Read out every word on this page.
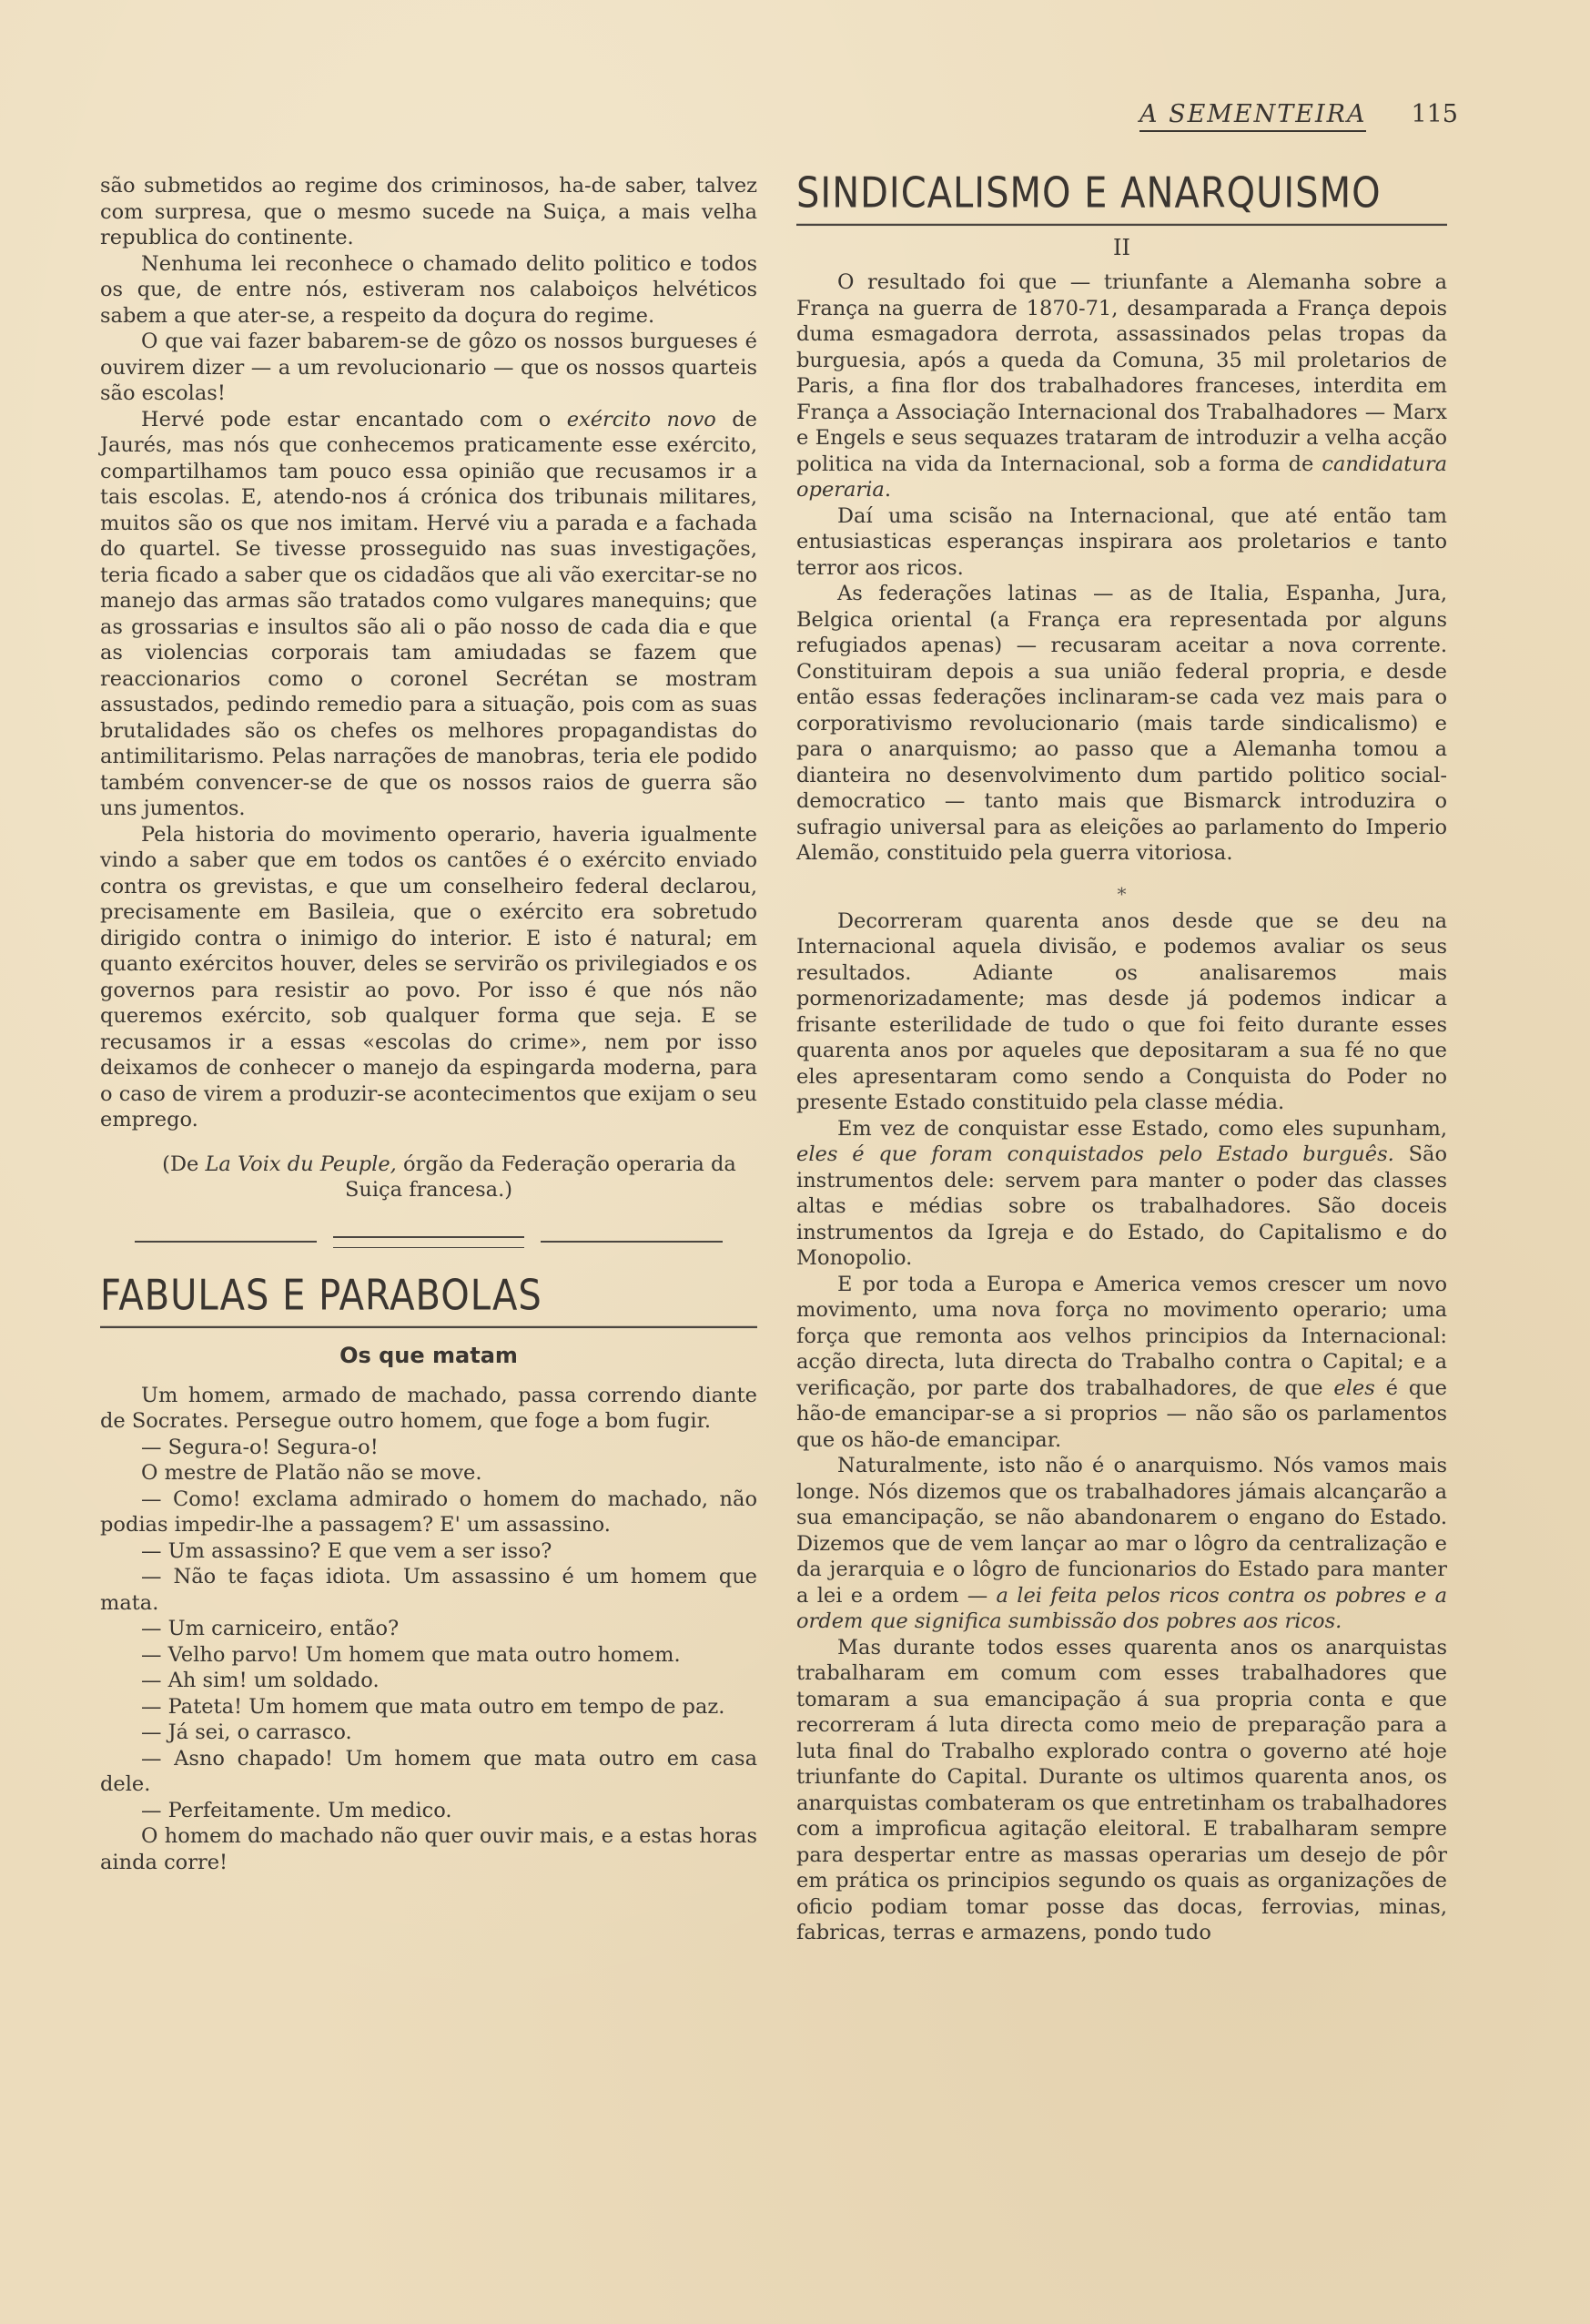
A SEMENTEIRA 115

são submetidos ao regime dos criminosos, ha-de saber, talvez com surpresa, que o mesmo sucede na Suiça, a mais velha republica do continente.

Nenhuma lei reconhece o chamado delito politico e todos os que, de entre nós, estiveram nos calaboiços helvéticos sabem a que ater-se, a respeito da doçura do regime.

O que vai fazer babarem-se de gôzo os nossos burgueses é ouvirem dizer — a um revolucionario — que os nossos quarteis são escolas!

Hervé pode estar encantado com o exército novo de Jaurés, mas nós que conhecemos praticamente esse exército, compartilhamos tam pouco essa opinião que recusamos ir a tais escolas. E, atendo-nos á crónica dos tribunais militares, muitos são os que nos imitam. Hervé viu a parada e a fachada do quartel. Se tivesse prosseguido nas suas investigações, teria ficado a saber que os cidadãos que ali vão exercitar-se no manejo das armas são tratados como vulgares manequins; que as grossarias e insultos são ali o pão nosso de cada dia e que as violencias corporais tam amiudadas se fazem que reaccionarios como o coronel Secrétan se mostram assustados, pedindo remedio para a situação, pois com as suas brutalidades são os chefes os melhores propagandistas do antimilitarismo. Pelas narrações de manobras, teria ele podido também convencer-se de que os nossos raios de guerra são uns jumentos.

Pela historia do movimento operario, haveria igualmente vindo a saber que em todos os cantões é o exército enviado contra os grevistas, e que um conselheiro federal declarou, precisamente em Basileia, que o exército era sobretudo dirigido contra o inimigo do interior. E isto é natural; em quanto exércitos houver, deles se servirão os privilegiados e os governos para resistir ao povo. Por isso é que nós não queremos exército, sob qualquer forma que seja. E se recusamos ir a essas «escolas do crime», nem por isso deixamos de conhecer o manejo da espingarda moderna, para o caso de virem a produzir-se acontecimentos que exijam o seu emprego.

(De La Voix du Peuple, órgão da Federação operaria da Suiça francesa.)

FABULAS E PARABOLAS
Os que matam

Um homem, armado de machado, passa correndo diante de Socrates. Persegue outro homem, que foge a bom fugir.

— Segura-o! Segura-o!

O mestre de Platão não se move.

— Como! exclama admirado o homem do machado, não podias impedir-lhe a passagem? E' um assassino.

— Um assassino? E que vem a ser isso?

— Não te faças idiota. Um assassino é um homem que mata.

— Um carniceiro, então?

— Velho parvo! Um homem que mata outro homem.

— Ah sim! um soldado.

— Pateta! Um homem que mata outro em tempo de paz.

— Já sei, o carrasco.

— Asno chapado! Um homem que mata outro em casa dele.

— Perfeitamente. Um medico.

O homem do machado não quer ouvir mais, e a estas horas ainda corre!

SINDICALISMO E ANARQUISMO
II

O resultado foi que — triunfante a Alemanha sobre a França na guerra de 1870-71, desamparada a França depois duma esmagadora derrota, assassinados pelas tropas da burguesia, após a queda da Comuna, 35 mil proletarios de Paris, a fina flor dos trabalhadores franceses, interdita em França a Associação Internacional dos Trabalhadores — Marx e Engels e seus sequazes trataram de introduzir a velha acção politica na vida da Internacional, sob a forma de candidatura operaria.

Daí uma scisão na Internacional, que até então tam entusiasticas esperanças inspirara aos proletarios e tanto terror aos ricos.

As federações latinas — as de Italia, Espanha, Jura, Belgica oriental (a França era representada por alguns refugiados apenas) — recusaram aceitar a nova corrente. Constituiram depois a sua união federal propria, e desde então essas federações inclinaram-se cada vez mais para o corporativismo revolucionario (mais tarde sindicalismo) e para o anarquismo; ao passo que a Alemanha tomou a dianteira no desenvolvimento dum partido politico social-democratico — tanto mais que Bismarck introduzira o sufragio universal para as eleições ao parlamento do Imperio Alemão, constituido pela guerra vitoriosa.

*

Decorreram quarenta anos desde que se deu na Internacional aquela divisão, e podemos avaliar os seus resultados. Adiante os analisaremos mais pormenorizadamente; mas desde já podemos indicar a frisante esterilidade de tudo o que foi feito durante esses quarenta anos por aqueles que depositaram a sua fé no que eles apresentaram como sendo a Conquista do Poder no presente Estado constituido pela classe média.

Em vez de conquistar esse Estado, como eles supunham, eles é que foram conquistados pelo Estado burguês. São instrumentos dele: servem para manter o poder das classes altas e médias sobre os trabalhadores. São doceis instrumentos da Igreja e do Estado, do Capitalismo e do Monopolio.

E por toda a Europa e America vemos crescer um novo movimento, uma nova força no movimento operario; uma força que remonta aos velhos principios da Internacional: acção directa, luta directa do Trabalho contra o Capital; e a verificação, por parte dos trabalhadores, de que eles é que hão-de emancipar-se a si proprios — não são os parlamentos que os hão-de emancipar.

Naturalmente, isto não é o anarquismo. Nós vamos mais longe. Nós dizemos que os trabalhadores jámais alcançarão a sua emancipação, se não abandonarem o engano do Estado. Dizemos que de vem lançar ao mar o lôgro da centralização e da jerarquia e o lôgro de funcionarios do Estado para manter a lei e a ordem — a lei feita pelos ricos contra os pobres e a ordem que significa sumbissão dos pobres aos ricos.

Mas durante todos esses quarenta anos os anarquistas trabalharam em comum com esses trabalhadores que tomaram a sua emancipação á sua propria conta e que recorreram á luta directa como meio de preparação para a luta final do Trabalho explorado contra o governo até hoje triunfante do Capital. Durante os ultimos quarenta anos, os anarquistas combateram os que entretinham os trabalhadores com a improficua agitação eleitoral. E trabalharam sempre para despertar entre as massas operarias um desejo de pôr em prática os principios segundo os quais as organizações de oficio podiam tomar posse das docas, ferrovias, minas, fabricas, terras e armazens, pondo tudo
